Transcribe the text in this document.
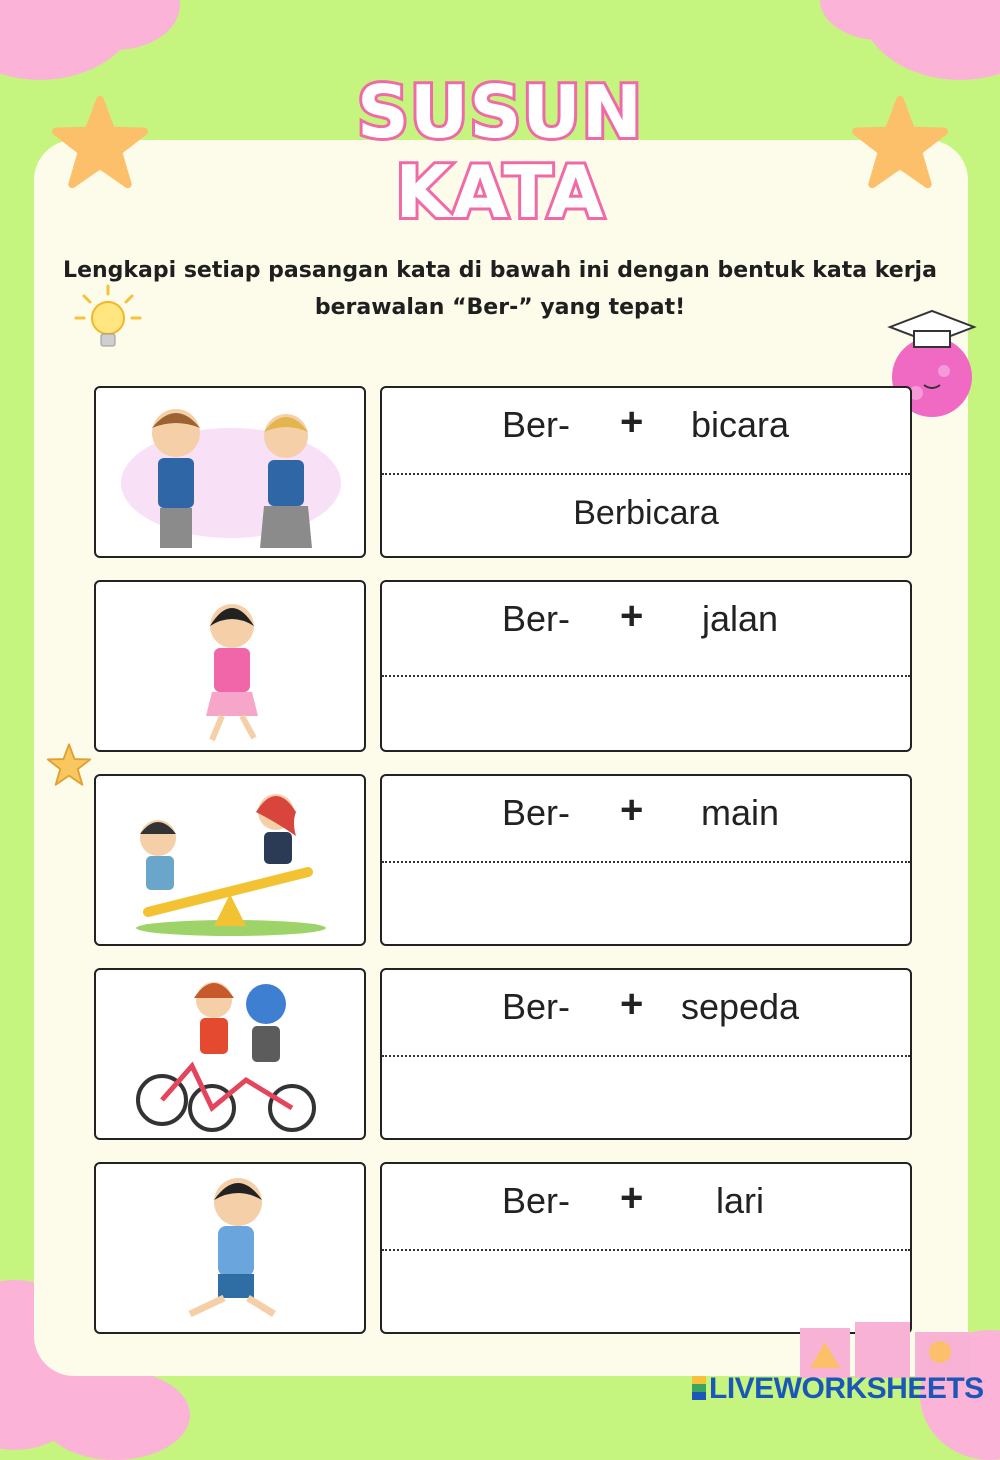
SUSUN
KATA
Lengkapi setiap pasangan kata di bawah ini dengan bentuk kata kerja
berawalan “Ber-” yang tepat!
Ber- +	bicara
Berbicara
Ber- +	jalan
Ber- +	main
Ber- +	sepeda
Ber- +	lari
LIVEWORKSHEETS
